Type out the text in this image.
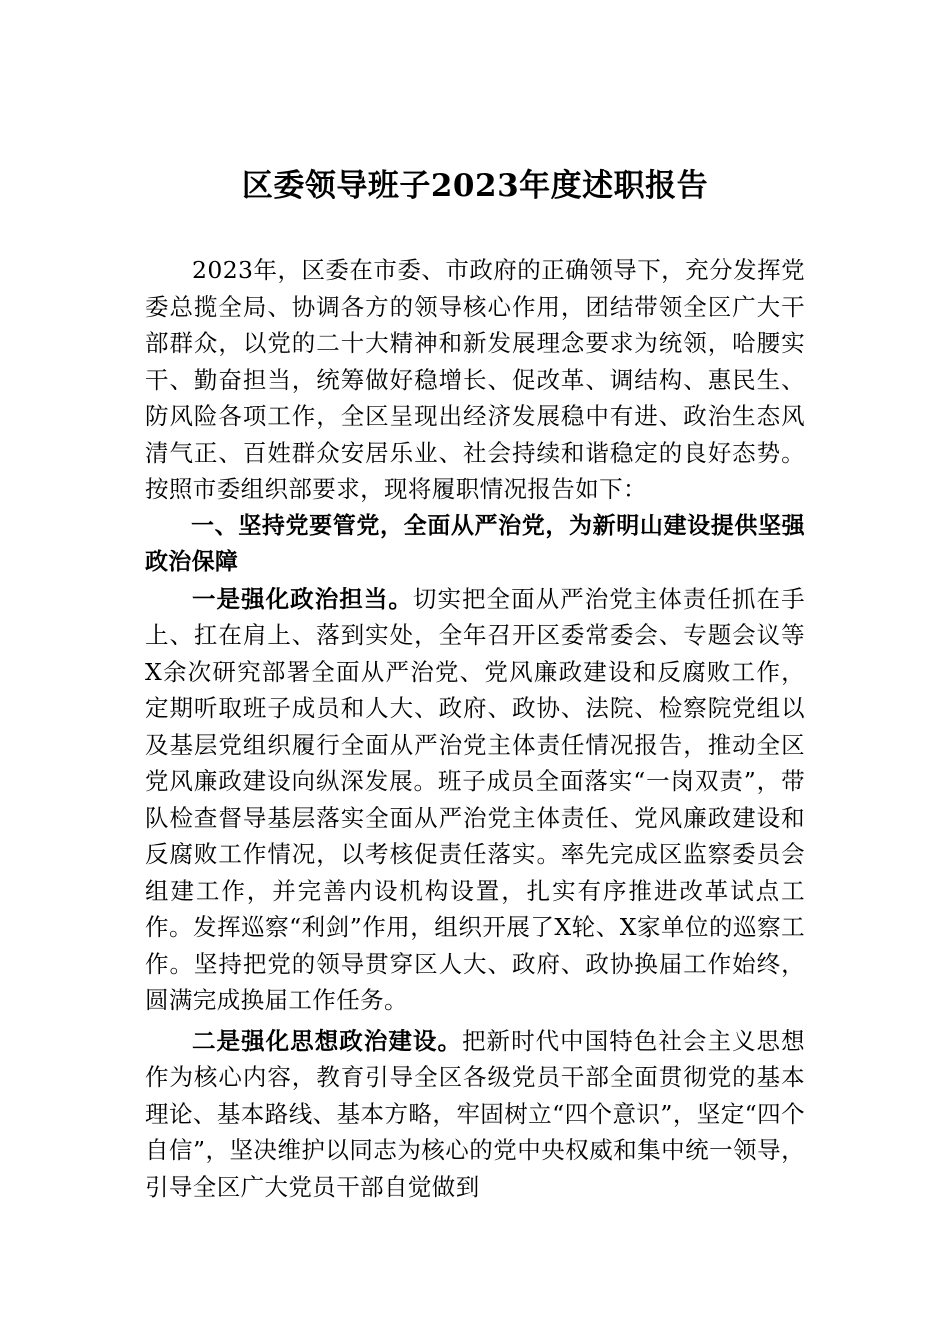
区委领导班子2023年度述职报告

2023年，区委在市委、市政府的正确领导下，充分发挥党委总揽全局、协调各方的领导核心作用，团结带领全区广大干部群众，以党的二十大精神和新发展理念要求为统领，哈腰实干、勤奋担当，统筹做好稳增长、促改革、调结构、惠民生、防风险各项工作，全区呈现出经济发展稳中有进、政治生态风清气正、百姓群众安居乐业、社会持续和谐稳定的良好态势。按照市委组织部要求，现将履职情况报告如下：

一、坚持党要管党，全面从严治党，为新明山建设提供坚强政治保障

一是强化政治担当。切实把全面从严治党主体责任抓在手上、扛在肩上、落到实处，全年召开区委常委会、专题会议等X余次研究部署全面从严治党、党风廉政建设和反腐败工作，定期听取班子成员和人大、政府、政协、法院、检察院党组以及基层党组织履行全面从严治党主体责任情况报告，推动全区党风廉政建设向纵深发展。班子成员全面落实“一岗双责”，带队检查督导基层落实全面从严治党主体责任、党风廉政建设和反腐败工作情况，以考核促责任落实。率先完成区监察委员会组建工作，并完善内设机构设置，扎实有序推进改革试点工作。发挥巡察“利剑”作用，组织开展了X轮、X家单位的巡察工作。坚持把党的领导贯穿区人大、政府、政协换届工作始终，圆满完成换届工作任务。

二是强化思想政治建设。把新时代中国特色社会主义思想作为核心内容，教育引导全区各级党员干部全面贯彻党的基本理论、基本路线、基本方略，牢固树立“四个意识”，坚定“四个自信”，坚决维护以同志为核心的党中央权威和集中统一领导，引导全区广大党员干部自觉做到
